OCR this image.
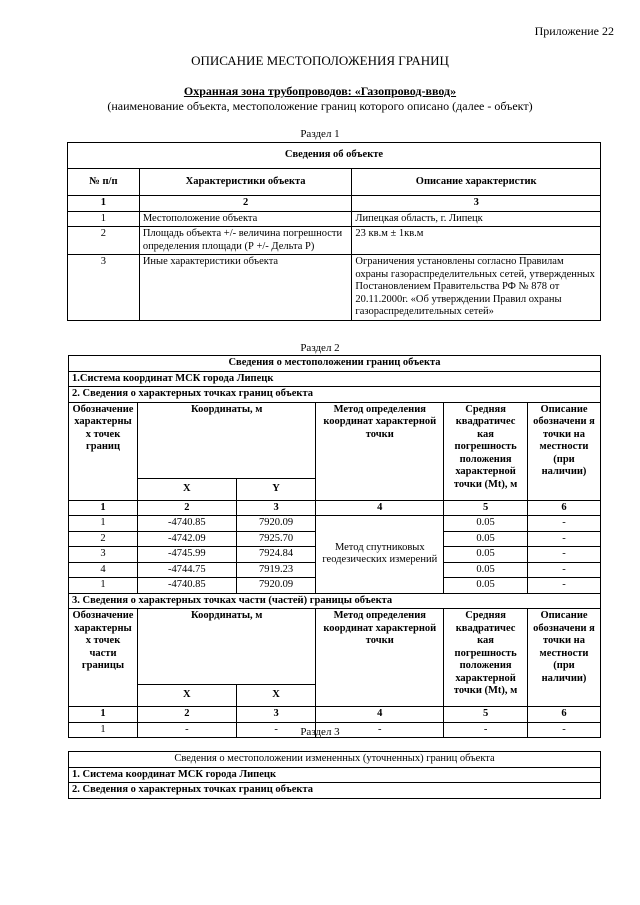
Приложение 22
ОПИСАНИЕ МЕСТОПОЛОЖЕНИЯ ГРАНИЦ
Охранная зона трубопроводов: «Газопровод-ввод»
(наименование объекта, местоположение границ которого описано (далее - объект)
Раздел 1
Сведения об объекте		
№ п/п	Характеристики объекта	Описание характеристик
1	2	3
1	Местоположение объекта	Липецкая область, г. Липецк
2	Площадь объекта +/- величина погрешности определения площади (Р +/- Дельта Р)	23 кв.м ± 1кв.м
3	Иные характеристики объекта	Ограничения установлены согласно Правилам охраны газораспределительных сетей, утвержденных Постановлением Правительства РФ № 878 от 20.11.2000г. «Об утверждении Правил охраны газораспределительных сетей»
Раздел 2
Сведения о местоположении границ объекта					
1.Система координат МСК города Липецк					
2. Сведения о характерных точках границ объекта					
Обозначение характерны х точек границ	Координаты, м		Метод определения координат характерной точки	Средняя квадратичес кая погрешность положения характерной точки (Мt), м	Описание обозначени я точки на местности (при наличии)
	X	Y			
1	2	3	4	5	6
1	-4740.85	7920.09	Метод спутниковых геодезических измерений	0.05	-
2	-4742.09	7925.70		0.05	-
3	-4745.99	7924.84		0.05	-
4	-4744.75	7919.23		0.05	-
1	-4740.85	7920.09		0.05	-
3. Сведения о характерных точках части (частей) границы объекта					
Обозначение характерны х точек части границы	Координаты, м		Метод определения координат характерной точки	Средняя квадратичес кая погрешность положения характерной точки (Мt), м	Описание обозначени я точки на местности (при наличии)
	X	X			
1	2	3	4	5	6
1	-	-	-	-	-
Раздел 3
Сведения о местоположении измененных (уточненных) границ объекта
1. Система координат МСК города Липецк
2. Сведения о характерных точках границ объекта
